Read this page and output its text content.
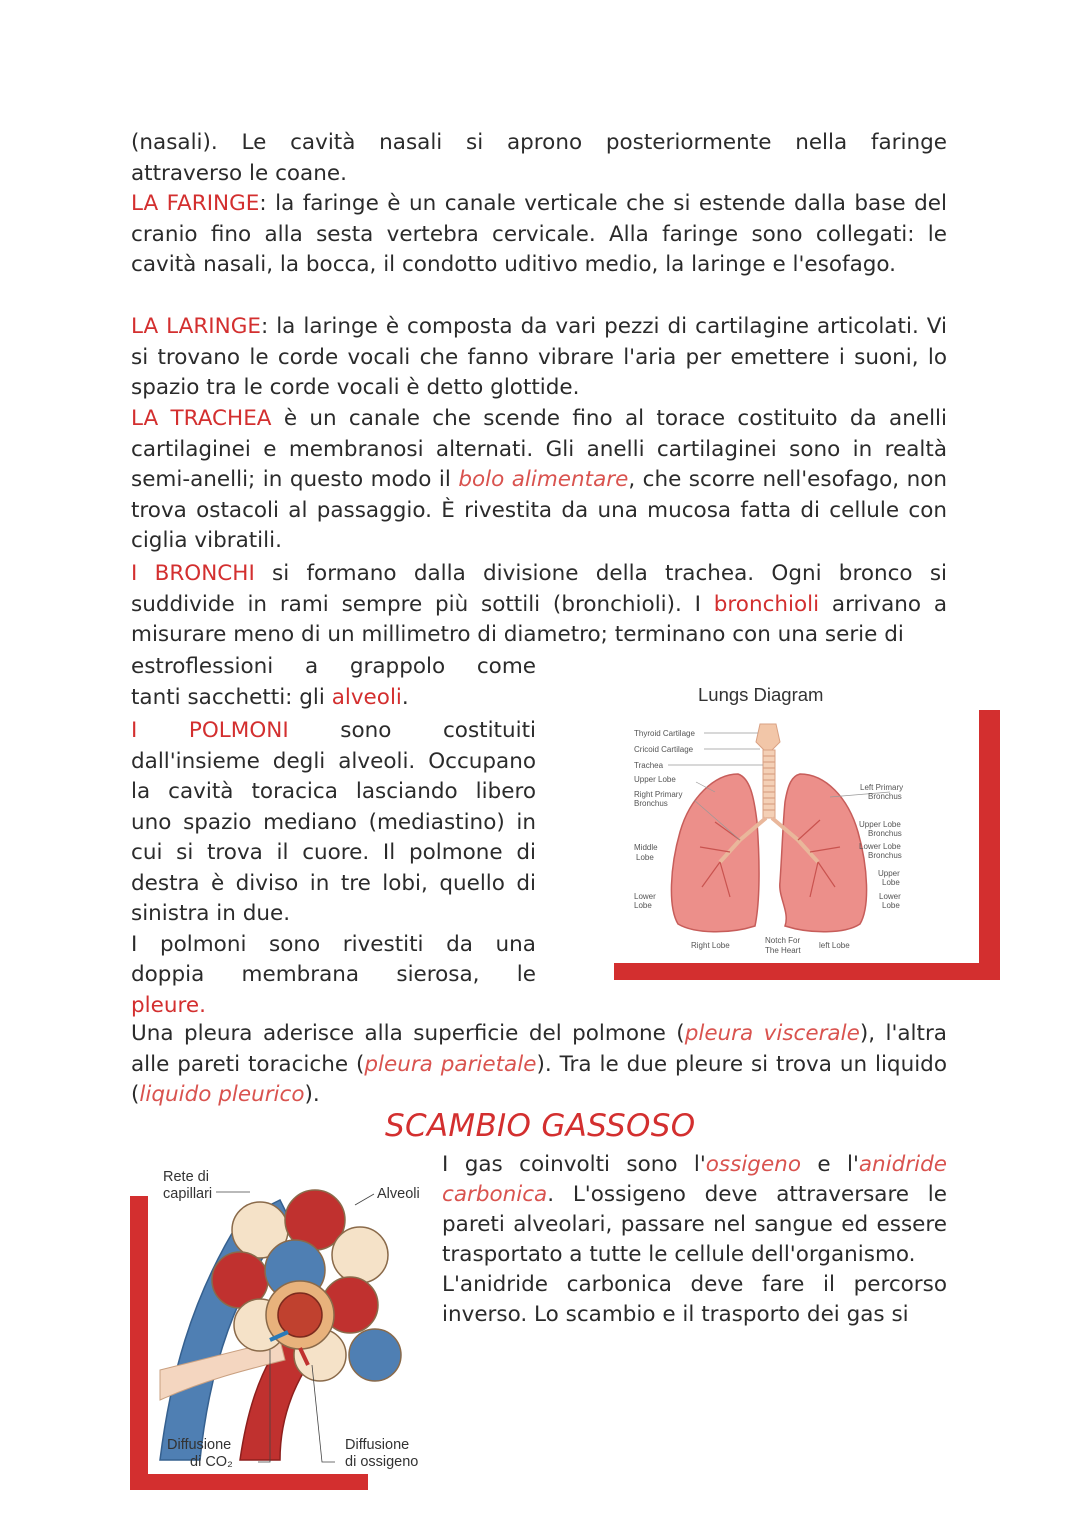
(nasali). Le cavità nasali si aprono posteriormente nella faringe
attraverso le coane.

LA FARINGE: la faringe è un canale verticale che si estende dalla base del cranio fino alla sesta vertebra cervicale. Alla faringe sono collegati: le cavità nasali, la bocca, il condotto uditivo medio, la laringe e l'esofago.

LA LARINGE: la laringe è composta da vari pezzi di cartilagine articolati. Vi si trovano le corde vocali che fanno vibrare l'aria per emettere i suoni, lo spazio tra le corde vocali è detto glottide.

LA TRACHEA è un canale che scende fino al torace costituito da anelli cartilaginei e membranosi alternati. Gli anelli cartilaginei sono in realtà semi-anelli; in questo modo il bolo alimentare, che scorre nell'esofago, non trova ostacoli al passaggio. È rivestita da una mucosa fatta di cellule con ciglia vibratili.

I BRONCHI si formano dalla divisione della trachea. Ogni bronco si suddivide in rami sempre più sottili (bronchioli). I bronchioli arrivano a misurare meno di un millimetro di diametro; terminano con una serie di

estroflessioni a grappolo come
tanti sacchetti: gli alveoli.

I POLMONI sono costituiti
dall'insieme degli alveoli. Occupano
la cavità toracica lasciando libero
uno spazio mediano (mediastino) in
cui si trova il cuore. Il polmone di
destra è diviso in tre lobi, quello di
sinistra in due.
I polmoni sono rivestiti da una
doppia membrana sierosa, le
pleure.

Una pleura aderisce alla superficie del polmone (pleura viscerale), l'altra alle pareti toraciche (pleura parietale). Tra le due pleure si trova un liquido (liquido pleurico).

Lungs Diagram
Thyroid Cartilage
Cricoid Cartilage
Trachea
Upper Lobe
Right Primary
Bronchus
Middle
Lobe
Lower
Lobe
Right Lobe
Notch For
The Heart
left Lobe
Left Primary
Bronchus
Upper Lobe
Bronchus
Lower Lobe
Bronchus
Upper
Lobe
Lower
Lobe
SCAMBIO GASSOSO
Rete di
capillari	Alveoli
Diffusione
di CO₂
Diffusione
di ossigeno

I gas coinvolti sono l'ossigeno e l'anidride carbonica. L'ossigeno deve attraversare le pareti alveolari, passare nel sangue ed essere trasportato a tutte le cellule dell'organismo.
L'anidride carbonica deve fare il percorso inverso. Lo scambio e il trasporto dei gas si
